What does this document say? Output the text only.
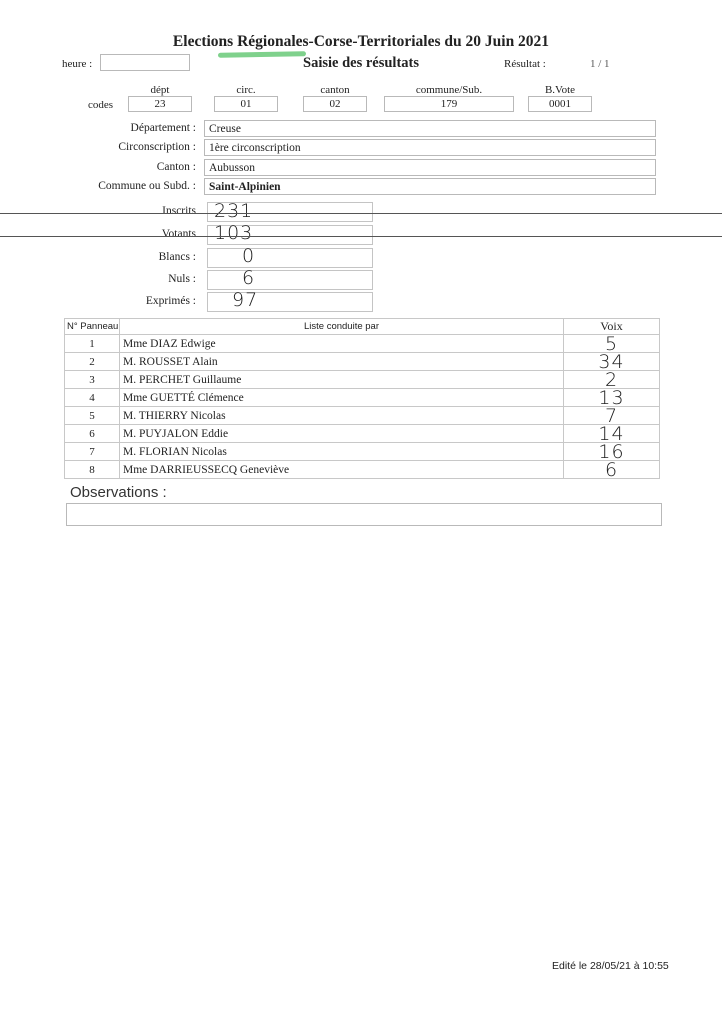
Elections Régionales-Corse-Territoriales du 20 Juin 2021
Saisie des résultats
heure :	Résultat :	1 / 1
dépt	circ.	canton	commune/Sub.	B.Vote
codes	23	01	02	179	0001
Département :	Creuse
Circonscription :	1ère circonscription
Canton :	Aubusson
Commune ou Subd. :	Saint-Alpinien
Inscrits 231
Votants 103
Blancs : 0
Nuls : 6
Exprimés : 97
N° Panneau	Liste conduite par	Voix
1	Mme DIAZ Edwige	5
2	M. ROUSSET Alain	34
3	M. PERCHET Guillaume	2
4	Mme GUETTÉ Clémence	13
5	M. THIERRY Nicolas	7
6	M. PUYJALON Eddie	14
7	M. FLORIAN Nicolas	16
8	Mme DARRIEUSSECQ Geneviève	6
Observations :
Edité le 28/05/21 à 10:55
